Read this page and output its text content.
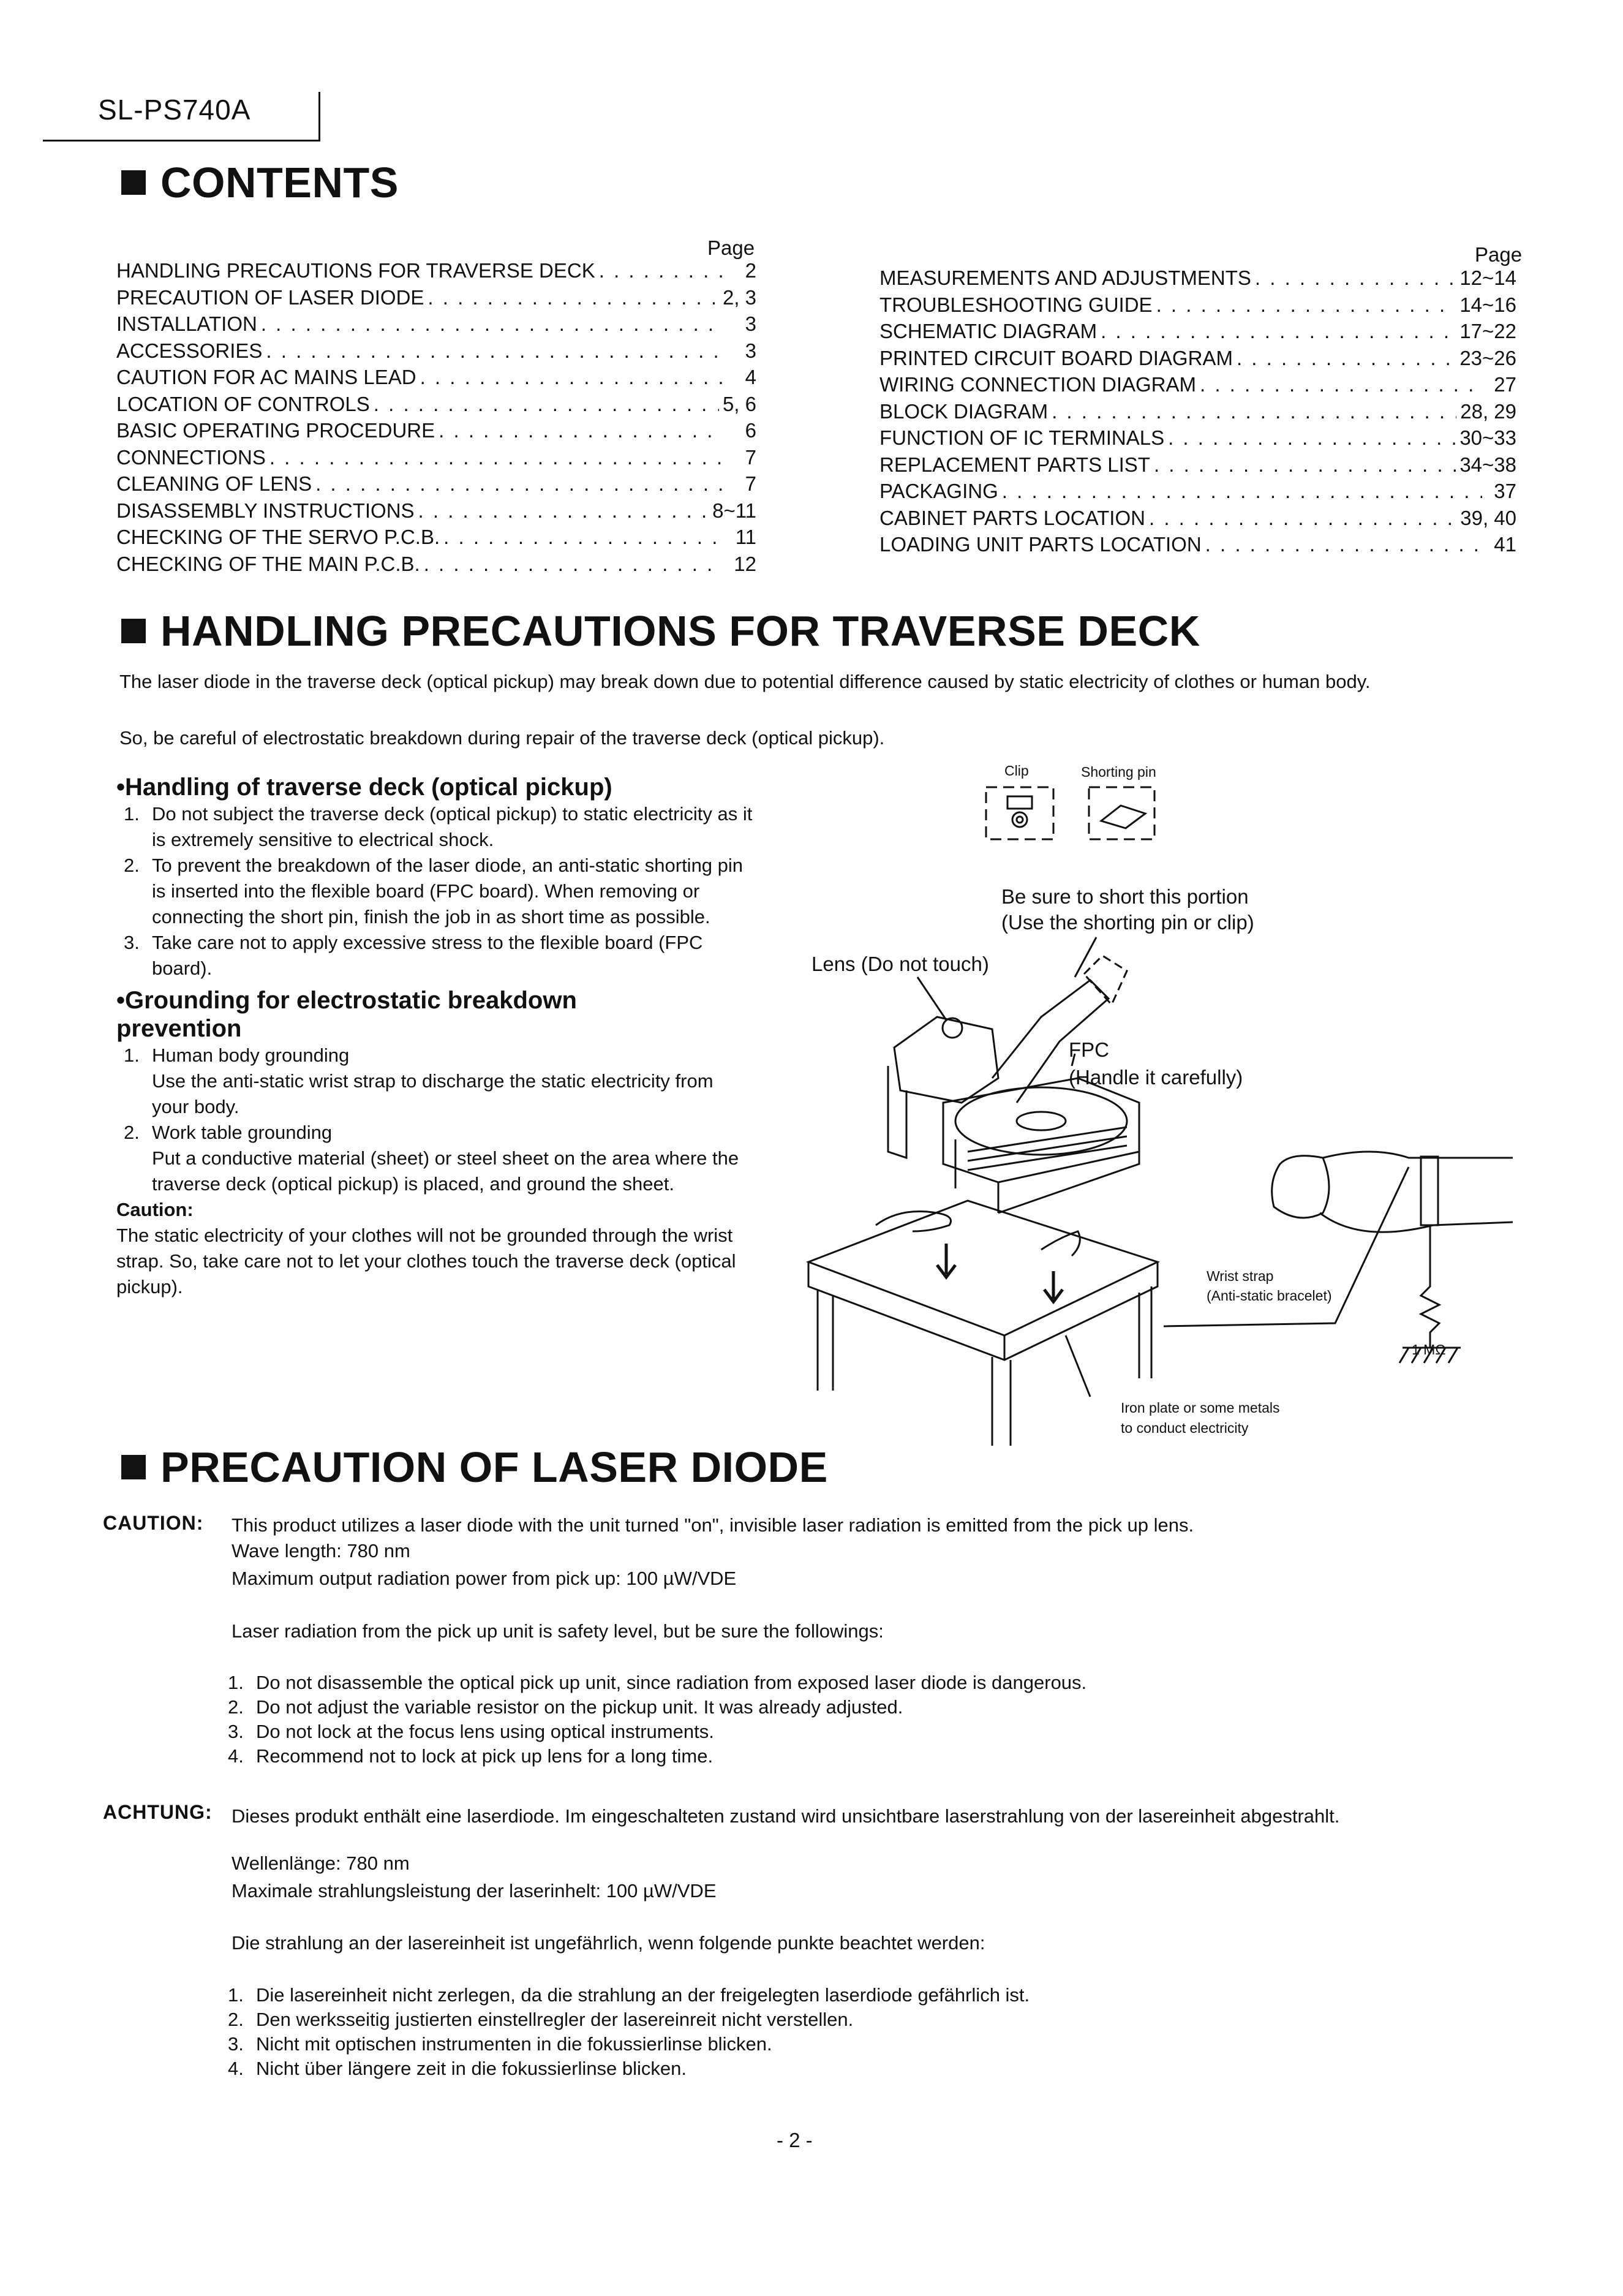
SL-PS740A
CONTENTS
Page	Page
HANDLING PRECAUTIONS FOR TRAVERSE DECK . . .	2
PRECAUTION OF LASER DIODE . . .	2, 3
INSTALLATION . . .	3
ACCESSORIES . . .	3
CAUTION FOR AC MAINS LEAD . . .	4
LOCATION OF CONTROLS . . .	5, 6
BASIC OPERATING PROCEDURE . . .	6
CONNECTIONS . . .	7
CLEANING OF LENS . . .	7
DISASSEMBLY INSTRUCTIONS . . .	8~11
CHECKING OF THE SERVO P.C.B. . . .	11
CHECKING OF THE MAIN P.C.B. . . .	12
MEASUREMENTS AND ADJUSTMENTS . . .	12~14
TROUBLESHOOTING GUIDE . . .	14~16
SCHEMATIC DIAGRAM . . .	17~22
PRINTED CIRCUIT BOARD DIAGRAM . . .	23~26
WIRING CONNECTION DIAGRAM . . .	27
BLOCK DIAGRAM . . .	28, 29
FUNCTION OF IC TERMINALS . . .	30~33
REPLACEMENT PARTS LIST . . .	34~38
PACKAGING . . .	37
CABINET PARTS LOCATION . . .	39, 40
LOADING UNIT PARTS LOCATION . . .	41
HANDLING PRECAUTIONS FOR TRAVERSE DECK
The laser diode in the traverse deck (optical pickup) may break down due to potential difference caused by static electricity of clothes or human body.
So, be careful of electrostatic breakdown during repair of the traverse deck (optical pickup).
•Handling of traverse deck (optical pickup)
1. Do not subject the traverse deck (optical pickup) to static electricity as it is extremely sensitive to electrical shock.
2. To prevent the breakdown of the laser diode, an anti-static shorting pin is inserted into the flexible board (FPC board). When removing or connecting the short pin, finish the job in as short time as possible.
3. Take care not to apply excessive stress to the flexible board (FPC board).
•Grounding for electrostatic breakdown prevention
1. Human body grounding
Use the anti-static wrist strap to discharge the static electricity from your body.
2. Work table grounding
Put a conductive material (sheet) or steel sheet on the area where the traverse deck (optical pickup) is placed, and ground the sheet.
Caution:
The static electricity of your clothes will not be grounded through the wrist strap. So, take care not to let your clothes touch the traverse deck (optical pickup).
Clip	Shorting pin
Be sure to short this portion
(Use the shorting pin or clip)
Lens (Do not touch)
FPC
(Handle it carefully)
Wrist strap
(Anti-static bracelet)
1 MΩ
Iron plate or some metals
to conduct electricity
PRECAUTION OF LASER DIODE
CAUTION: This product utilizes a laser diode with the unit turned "on", invisible laser radiation is emitted from the pick up lens.
Wave length: 780 nm
Maximum output radiation power from pick up: 100 µW/VDE
Laser radiation from the pick up unit is safety level, but be sure the followings:
1. Do not disassemble the optical pick up unit, since radiation from exposed laser diode is dangerous.
2. Do not adjust the variable resistor on the pickup unit. It was already adjusted.
3. Do not lock at the focus lens using optical instruments.
4. Recommend not to lock at pick up lens for a long time.
ACHTUNG: Dieses produkt enthält eine laserdiode. Im eingeschalteten zustand wird unsichtbare laserstrahlung von der lasereinheit abgestrahlt.
Wellenlänge: 780 nm
Maximale strahlungsleistung der laserinhelt: 100 µW/VDE
Die strahlung an der lasereinheit ist ungefährlich, wenn folgende punkte beachtet werden:
1. Die lasereinheit nicht zerlegen, da die strahlung an der freigelegten laserdiode gefährlich ist.
2. Den werksseitig justierten einstellregler der lasereinreit nicht verstellen.
3. Nicht mit optischen instrumenten in die fokussierlinse blicken.
4. Nicht über längere zeit in die fokussierlinse blicken.
- 2 -
